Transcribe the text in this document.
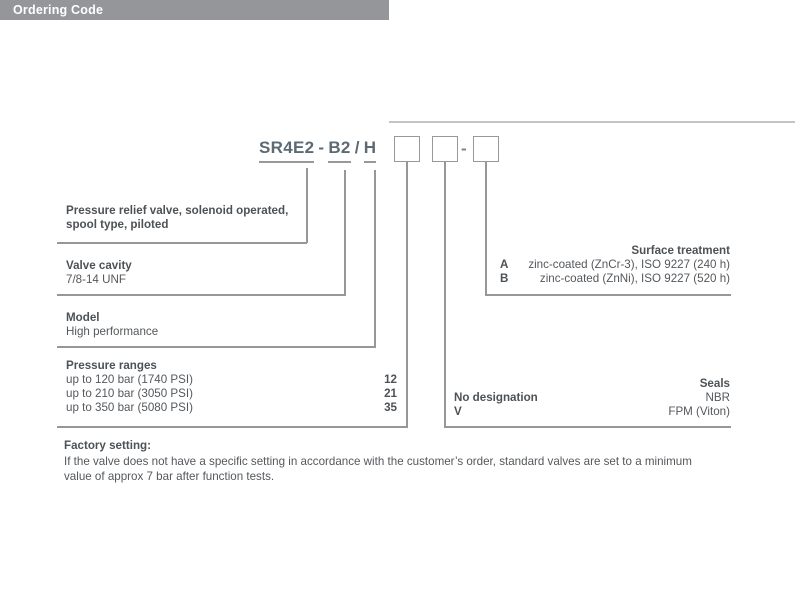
Ordering Code
SR4E2 - B2 / H	-
Pressure relief valve, solenoid operated,
spool type, piloted
Valve cavity
7/8-14 UNF
Model
High performance
Pressure ranges
up to 120 bar (1740 PSI)	12
up to 210 bar (3050 PSI)	21
up to 350 bar (5080 PSI)	35
Surface treatment
A zinc-coated (ZnCr-3), ISO 9227 (240 h)
B	zinc-coated (ZnNi), ISO 9227 (520 h)
Seals
No designation	NBR
V	FPM (Viton)
Factory setting:
If the valve does not have a specific setting in accordance with the customer’s order, standard valves are set to a minimum
value of approx 7 bar after function tests.
